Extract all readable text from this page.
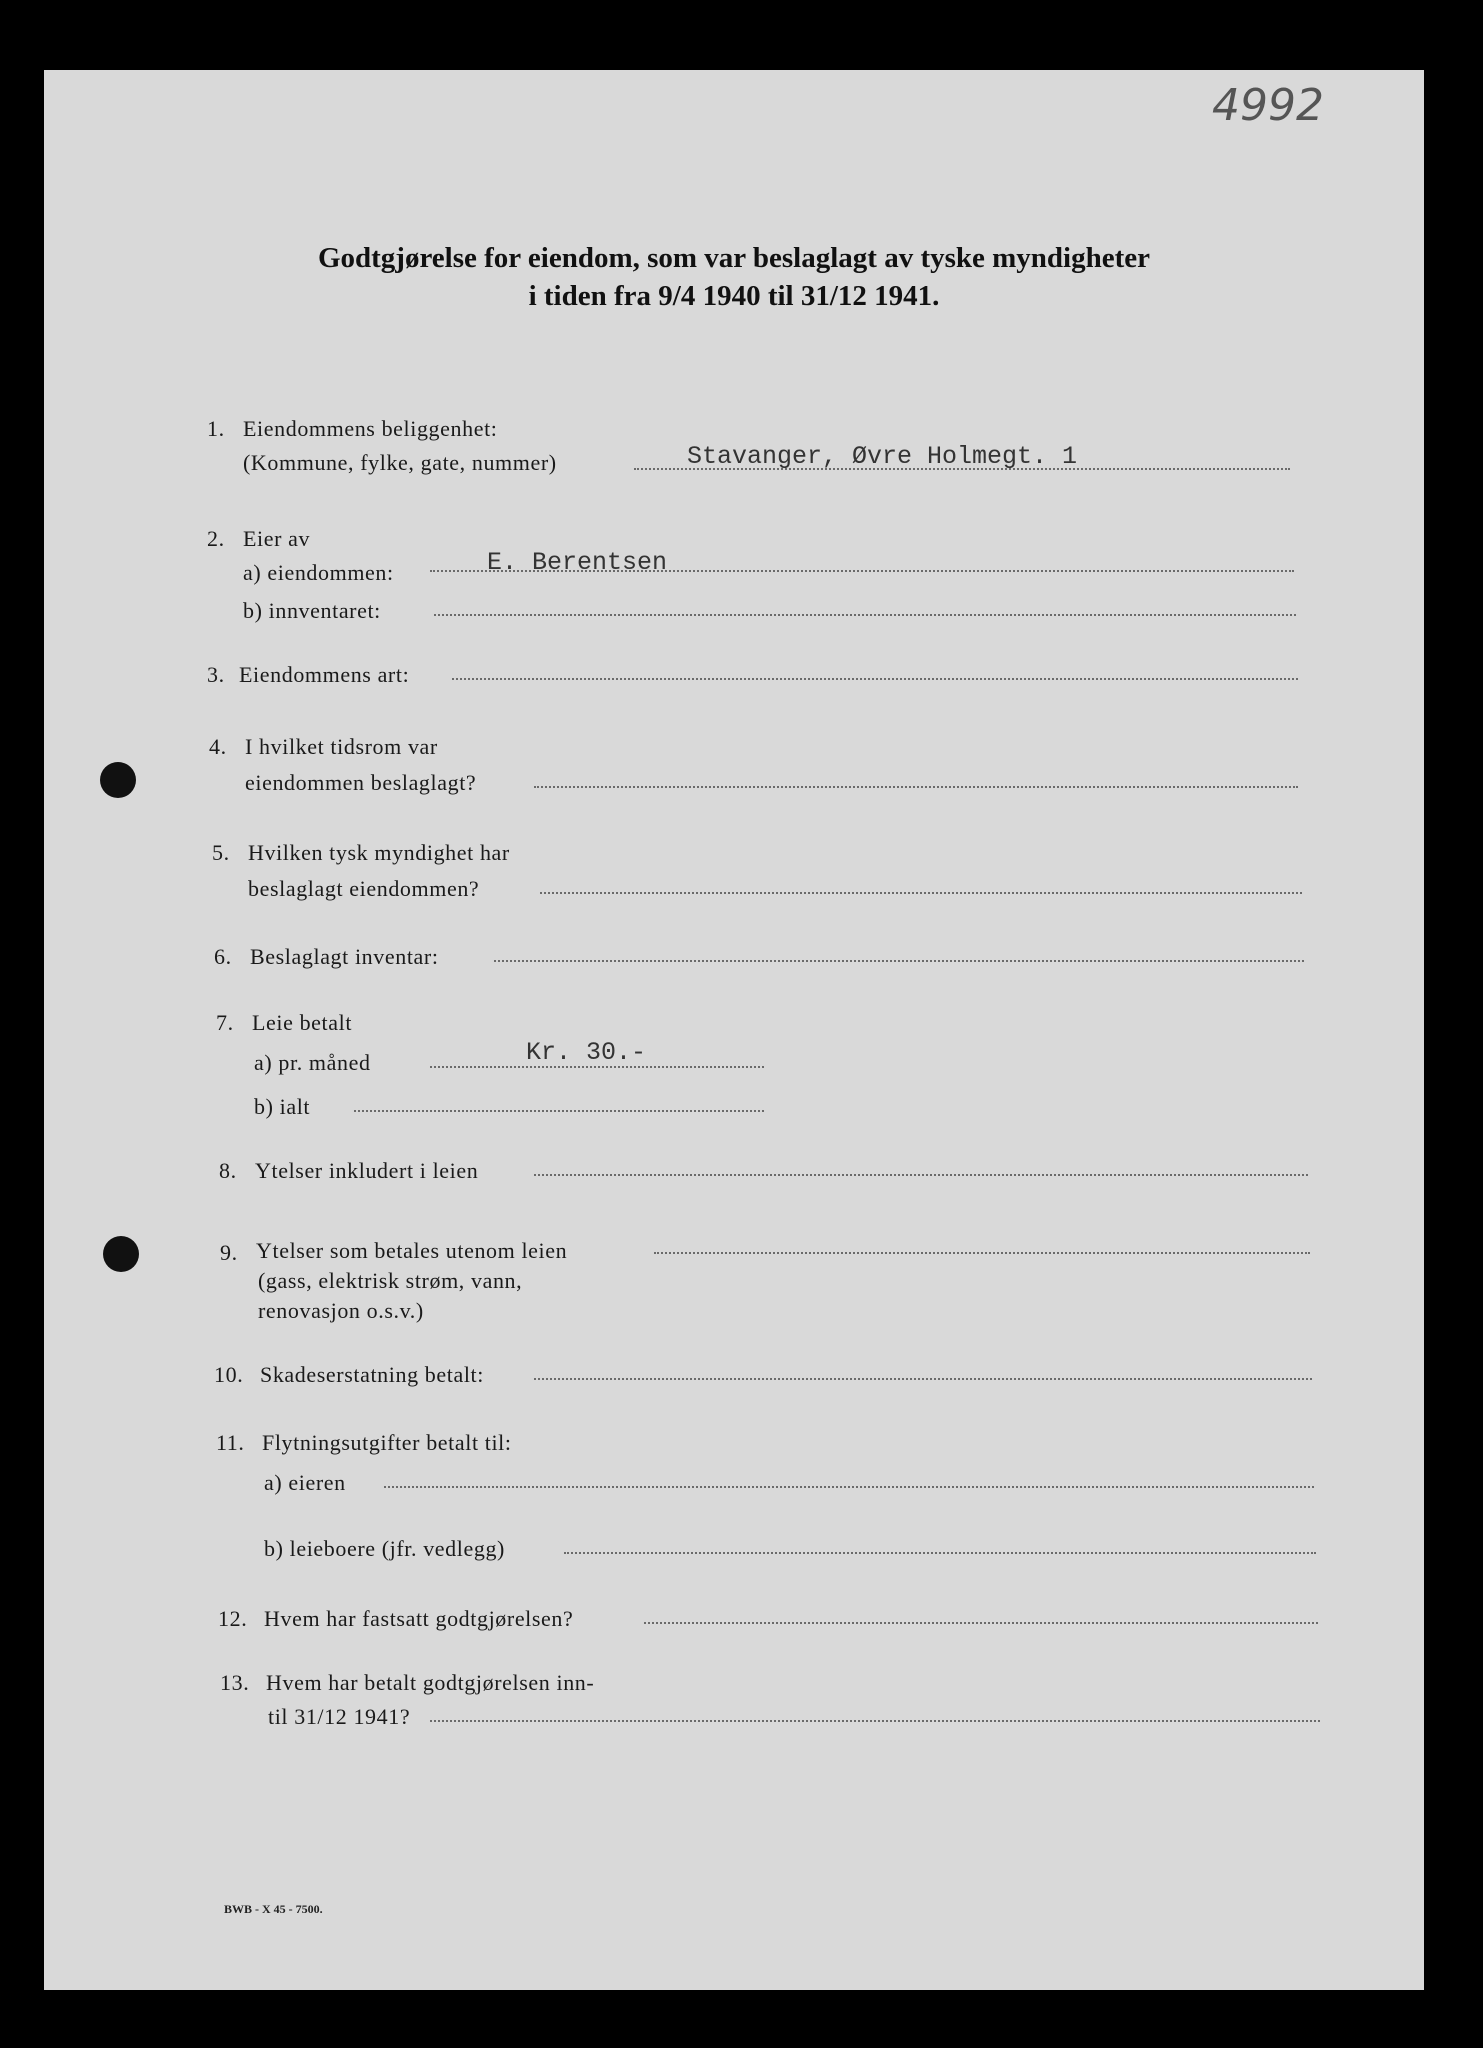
4992
Godtgjørelse for eiendom, som var beslaglagt av tyske myndigheter
i tiden fra 9/4 1940 til 31/12 1941.
1. Eiendommens beliggenhet:
(Kommune, fylke, gate, nummer)	Stavanger, Øvre Holmegt. 1
2. Eier av
a) eiendommen:	E. Berentsen
b) innventaret:
3. Eiendommens art:
4. I hvilket tidsrom var
eiendommen beslaglagt?
5. Hvilken tysk myndighet har
beslaglagt eiendommen?
6. Beslaglagt inventar:
7. Leie betalt
a) pr. måned	Kr. 30.-
b) ialt
8. Ytelser inkludert i leien
9. Ytelser som betales utenom leien
(gass, elektrisk strøm, vann,
renovasjon o.s.v.)
10. Skadeserstatning betalt:
11. Flytningsutgifter betalt til:
a) eieren
b) leieboere (jfr. vedlegg)
12. Hvem har fastsatt godtgjørelsen?
13. Hvem har betalt godtgjørelsen inn-
til 31/12 1941?
BWB - X 45 - 7500.
